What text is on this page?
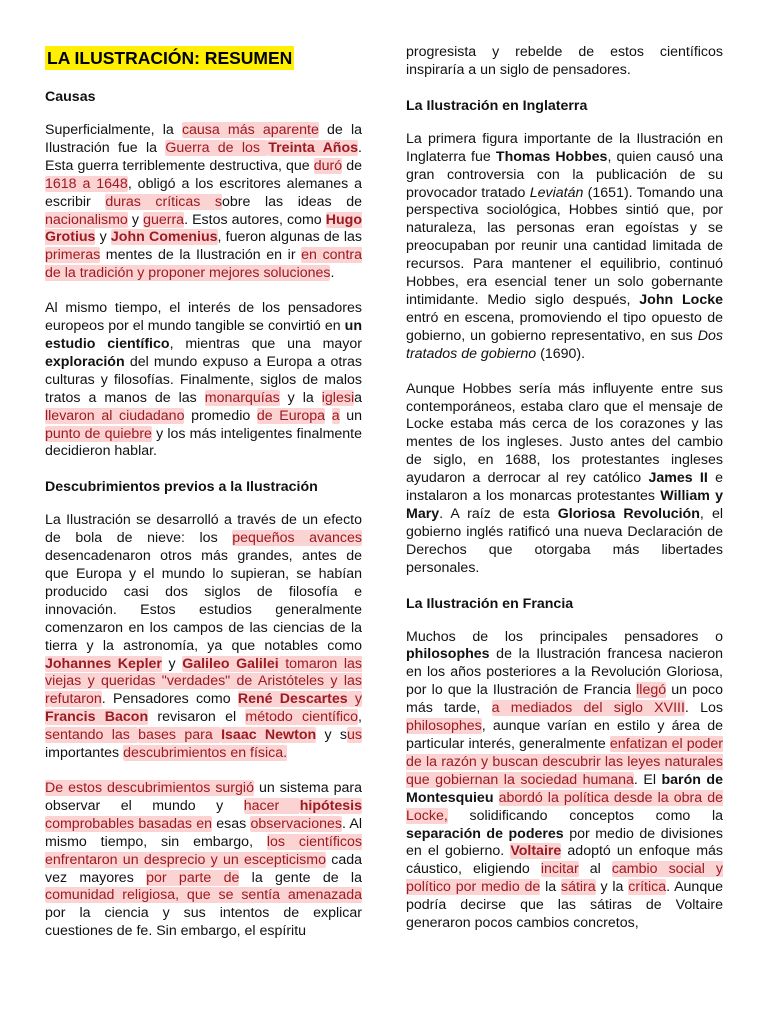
LA ILUSTRACIÓN: RESUMEN
Causas

Superficialmente, la causa más aparente de la Ilustración fue la Guerra de los Treinta Años. Esta guerra terriblemente destructiva, que duró de 1618 a 1648, obligó a los escritores alemanes a escribir duras críticas sobre las ideas de nacionalismo y guerra. Estos autores, como Hugo Grotius y John Comenius, fueron algunas de las primeras mentes de la Ilustración en ir en contra de la tradición y proponer mejores soluciones.

Al mismo tiempo, el interés de los pensadores europeos por el mundo tangible se convirtió en un estudio científico, mientras que una mayor exploración del mundo expuso a Europa a otras culturas y filosofías. Finalmente, siglos de malos tratos a manos de las monarquías y la iglesia llevaron al ciudadano promedio de Europa a un punto de quiebre y los más inteligentes finalmente decidieron hablar.

Descubrimientos previos a la Ilustración

La Ilustración se desarrolló a través de un efecto de bola de nieve: los pequeños avances desencadenaron otros más grandes, antes de que Europa y el mundo lo supieran, se habían producido casi dos siglos de filosofía e innovación. Estos estudios generalmente comenzaron en los campos de las ciencias de la tierra y la astronomía, ya que notables como Johannes Kepler y Galileo Galilei tomaron las viejas y queridas "verdades" de Aristóteles y las refutaron. Pensadores como René Descartes y Francis Bacon revisaron el método científico, sentando las bases para Isaac Newton y sus importantes descubrimientos en física.

De estos descubrimientos surgió un sistema para observar el mundo y hacer hipótesis comprobables basadas en esas observaciones. Al mismo tiempo, sin embargo, los científicos enfrentaron un desprecio y un escepticismo cada vez mayores por parte de la gente de la comunidad religiosa, que se sentía amenazada por la ciencia y sus intentos de explicar cuestiones de fe. Sin embargo, el espíritu

progresista y rebelde de estos científicos inspiraría a un siglo de pensadores.

La Ilustración en Inglaterra

La primera figura importante de la Ilustración en Inglaterra fue Thomas Hobbes, quien causó una gran controversia con la publicación de su provocador tratado Leviatán (1651). Tomando una perspectiva sociológica, Hobbes sintió que, por naturaleza, las personas eran egoístas y se preocupaban por reunir una cantidad limitada de recursos. Para mantener el equilibrio, continuó Hobbes, era esencial tener un solo gobernante intimidante. Medio siglo después, John Locke entró en escena, promoviendo el tipo opuesto de gobierno, un gobierno representativo, en sus Dos tratados de gobierno (1690).

Aunque Hobbes sería más influyente entre sus contemporáneos, estaba claro que el mensaje de Locke estaba más cerca de los corazones y las mentes de los ingleses. Justo antes del cambio de siglo, en 1688, los protestantes ingleses ayudaron a derrocar al rey católico James II e instalaron a los monarcas protestantes William y Mary. A raíz de esta Gloriosa Revolución, el gobierno inglés ratificó una nueva Declaración de Derechos que otorgaba más libertades personales.

La Ilustración en Francia

Muchos de los principales pensadores o philosophes de la Ilustración francesa nacieron en los años posteriores a la Revolución Gloriosa, por lo que la Ilustración de Francia llegó un poco más tarde, a mediados del siglo XVIII. Los philosophes, aunque varían en estilo y área de particular interés, generalmente enfatizan el poder de la razón y buscan descubrir las leyes naturales que gobiernan la sociedad humana. El barón de Montesquieu abordó la política desde la obra de Locke, solidificando conceptos como la separación de poderes por medio de divisiones en el gobierno. Voltaire adoptó un enfoque más cáustico, eligiendo incitar al cambio social y político por medio de la sátira y la crítica. Aunque podría decirse que las sátiras de Voltaire generaron pocos cambios concretos,
